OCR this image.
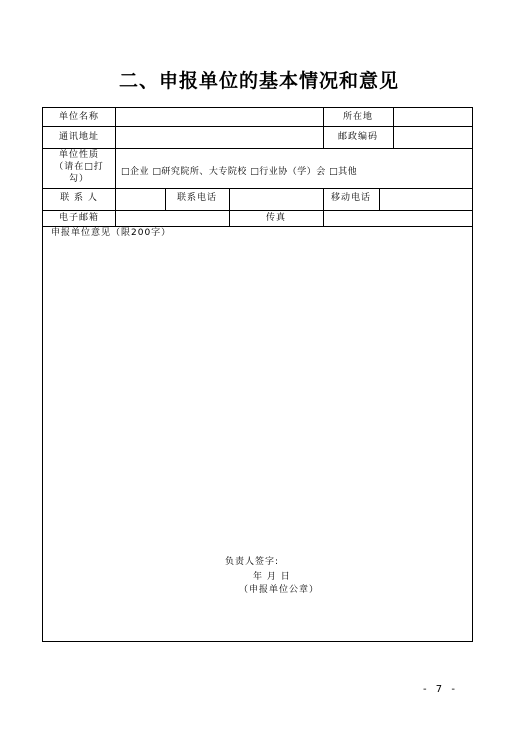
二、申报单位的基本情况和意见
单位名称	所在地
通讯地址	邮政编码
单位性质
（请在□打
勾）
□企业 □研究院所、大专院校 □行业协（学）会 □其他
联 系 人	联系电话	移动电话
电子邮箱	传真
申报单位意见（限200字）
负责人签字:
年 月 日
（申报单位公章）
- 7 -
